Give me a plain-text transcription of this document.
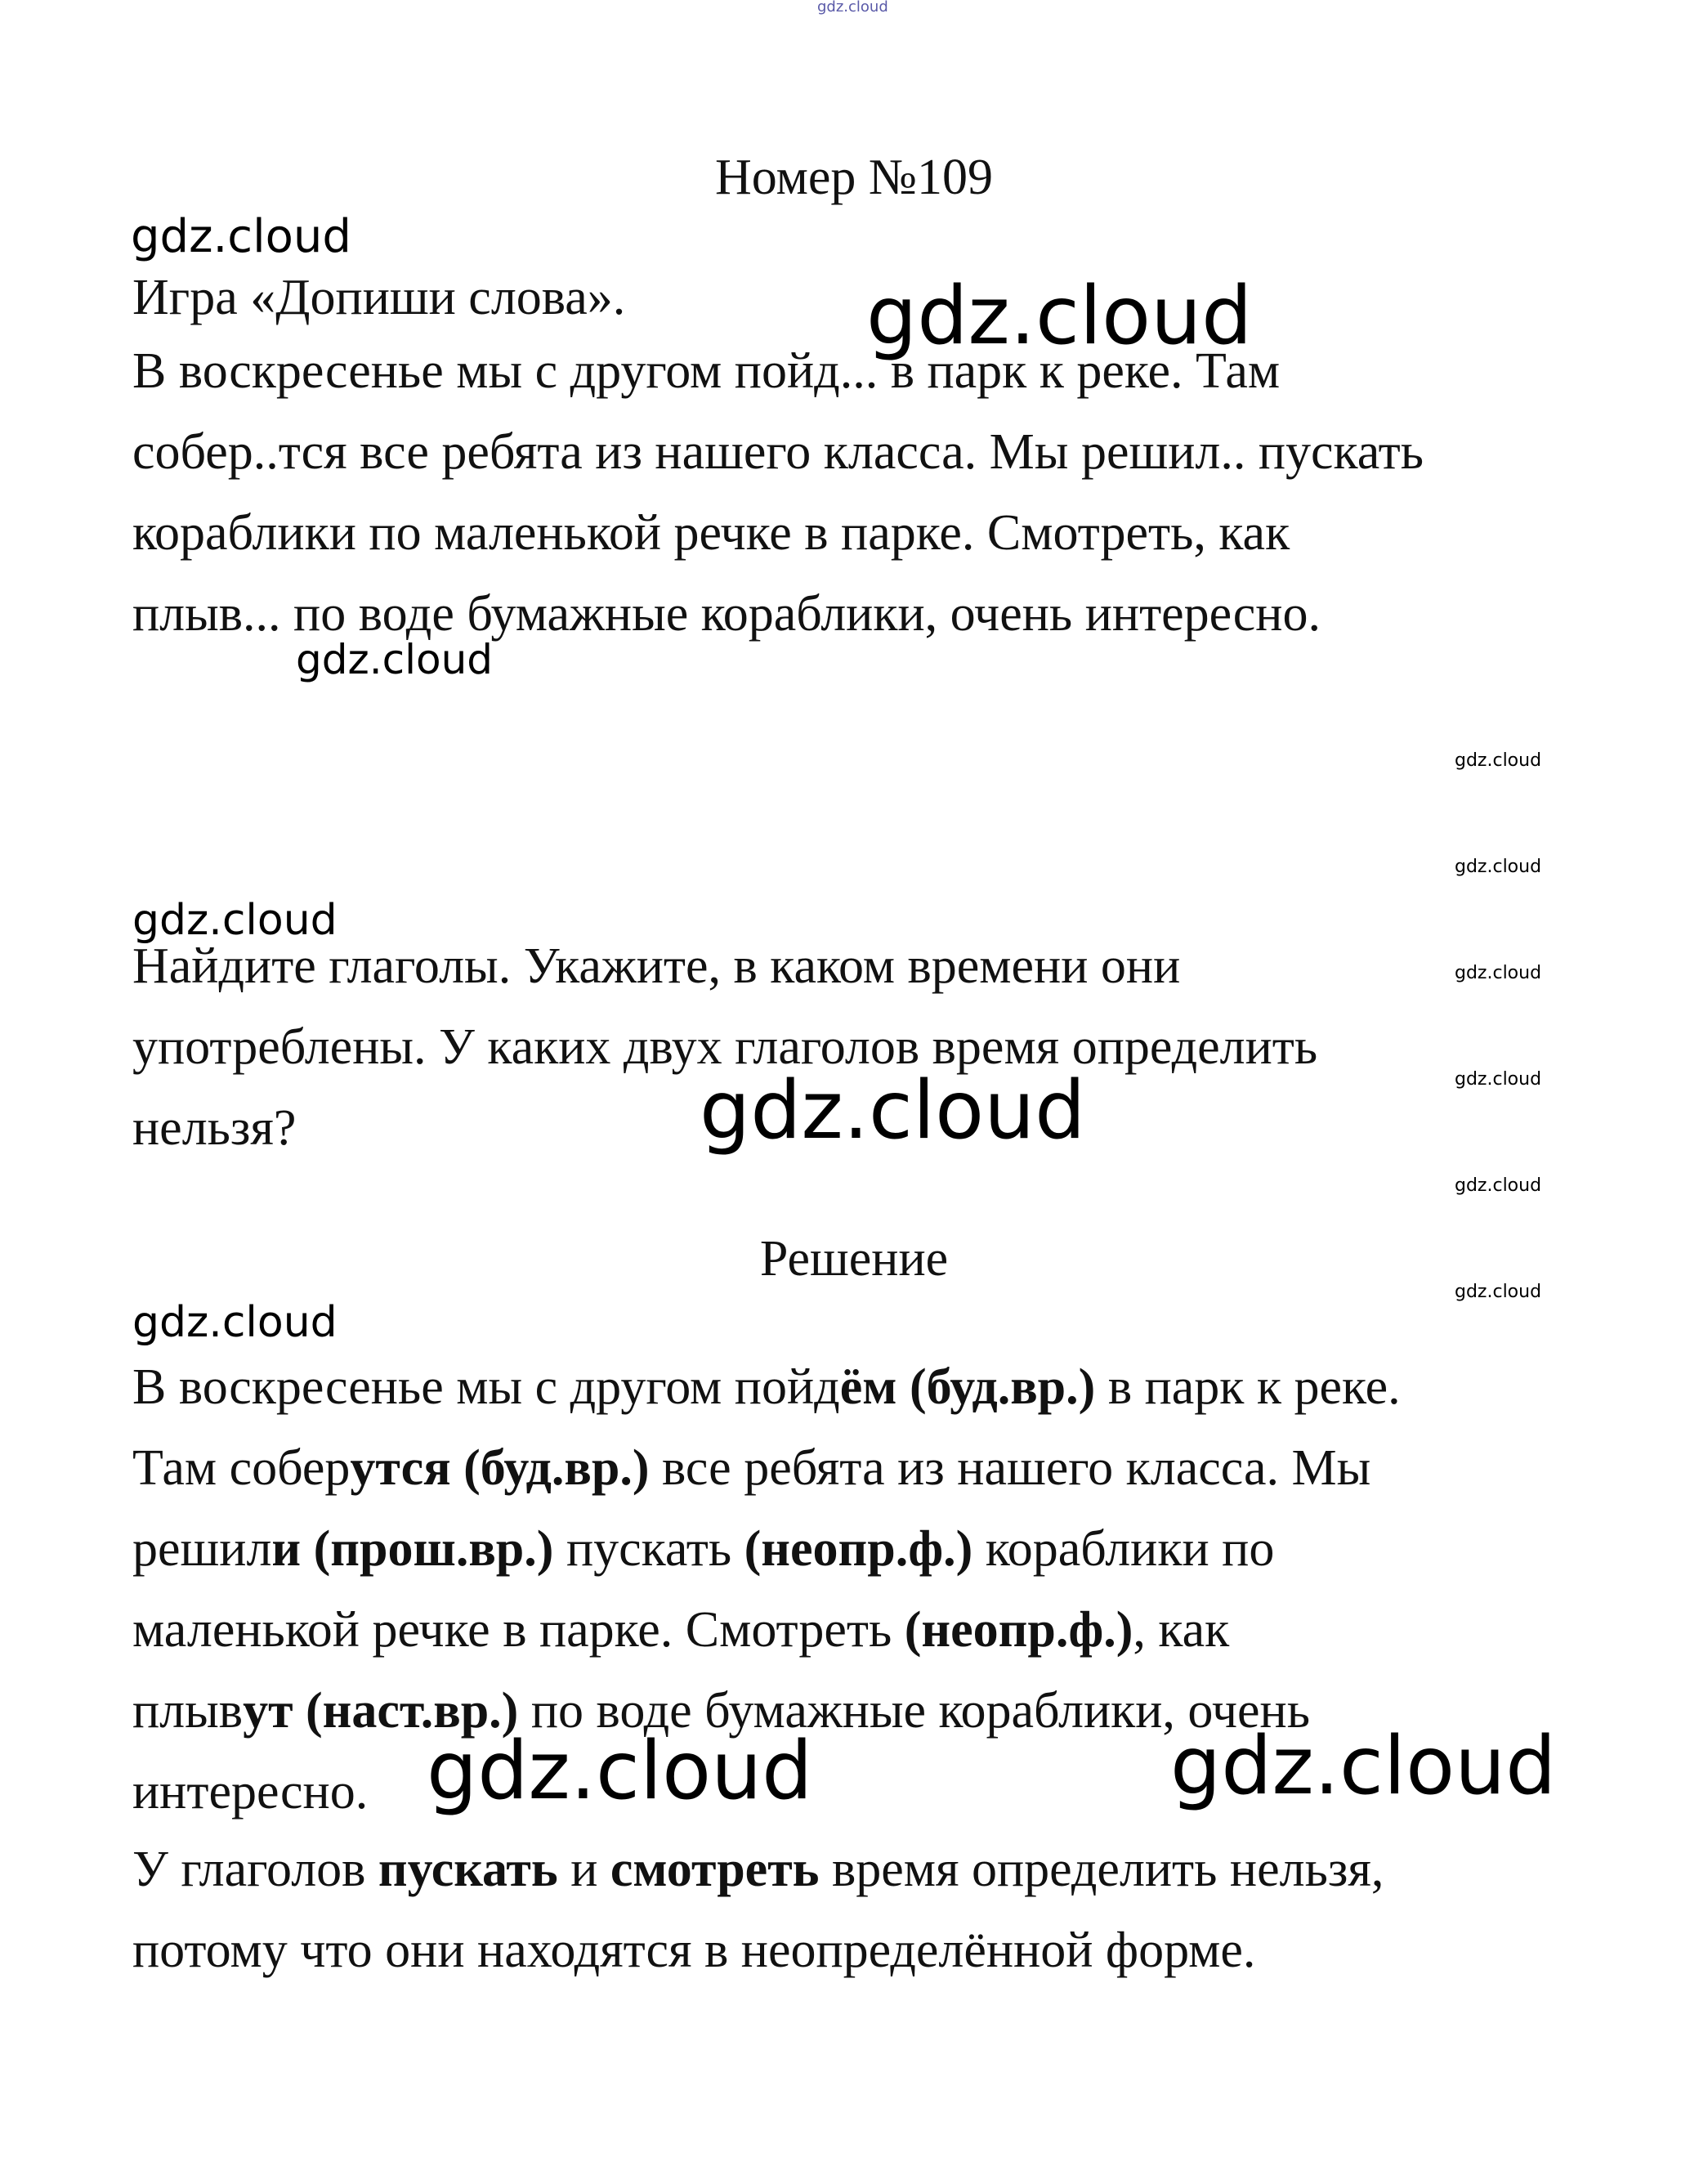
gdz.cloud
gdz.cloud
gdz.cloud
gdz.cloud
gdz.cloud
gdz.cloud
gdz.cloud
gdz.cloud
gdz.cloud
gdz.cloud
gdz.cloud
gdz.cloud
gdz.cloud
gdz.cloud	gdz.cloud
Номер №109
Игра «Допиши слова».
В воскресенье мы с другом пойд... в парк к реке. Там
собер..тся все ребята из нашего класса. Мы решил.. пускать
кораблики по маленькой речке в парке. Смотреть, как
плыв... по воде бумажные кораблики, очень интересно.
Найдите глаголы. Укажите, в каком времени они
употреблены. У каких двух глаголов время определить
нельзя?
Решение
В воскресенье мы с другом пойдём (буд.вр.) в парк к реке.
Там соберутся (буд.вр.) все ребята из нашего класса. Мы
решили (прош.вр.) пускать (неопр.ф.) кораблики по
маленькой речке в парке. Смотреть (неопр.ф.), как
плывут (наст.вр.) по воде бумажные кораблики, очень
интересно.
У глаголов пускать и смотреть время определить нельзя,
потому что они находятся в неопределённой форме.
